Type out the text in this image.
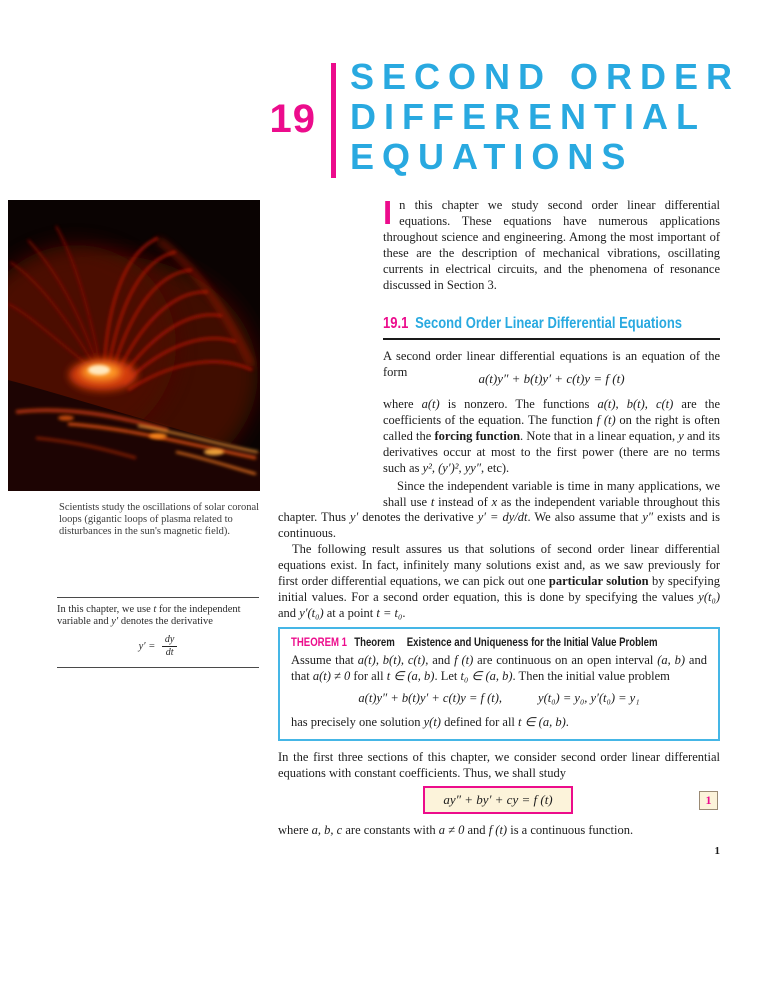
19
SECOND ORDER
DIFFERENTIAL
EQUATIONS
Scientists study the oscillations of solar coronal loops (gigantic loops of plasma related to disturbances in the sun's magnetic field).
In this chapter, we use t for the independent variable and y′ denotes the derivative
$y' = \frac{dy}{dt}$
In this chapter we study second order linear differential equations. These equations have numerous applications throughout science and engineering. Among the most important of these are the description of mechanical vibrations, oscillating currents in electrical circuits, and the phenomena of resonance discussed in Section 3.
19.1 Second Order Linear Differential Equations
A second order linear differential equations is an equation of the form	a(t)y″ + b(t)y′ + c(t)y = f (t)
where a(t) is nonzero. The functions a(t), b(t), c(t) are the coefficients of the equation. The function f (t) on the right is often called the forcing function. Note that in a linear equation, y and its derivatives occur at most to the first power (there are no terms such as y², (y′)², yy″, etc).
Since the independent variable is time in many applications, we shall use t instead of x as the independent variable throughout this
chapter. Thus y′ denotes the derivative y′ = dy/dt. We also assume that y″ exists and is continuous.
The following result assures us that solutions of second order linear differential equations exist. In fact, infinitely many solutions exist and, as we saw previously for first order differential equations, we can pick out one particular solution by specifying initial values. For a second order equation, this is done by specifying the values y(t₀) and y′(t₀) at a point t = t₀.
THEOREM 1 Theorem Existence and Uniqueness for the Initial Value Problem
Assume that a(t), b(t), c(t), and f (t) are continuous on an open interval (a, b) and that a(t) ≠ 0 for all t ∈ (a, b). Let t₀ ∈ (a, b). Then the initial value problem
a(t)y″ + b(t)y′ + c(t)y = f (t),	y(t₀) = y₀, y′(t₀) = y₁
has precisely one solution y(t) defined for all t ∈ (a, b).
In the first three sections of this chapter, we consider second order linear differential equations with constant coefficients. Thus, we shall study
ay″ + by′ + cy = f (t)	1
where a, b, c are constants with a ≠ 0 and f (t) is a continuous function.
1
